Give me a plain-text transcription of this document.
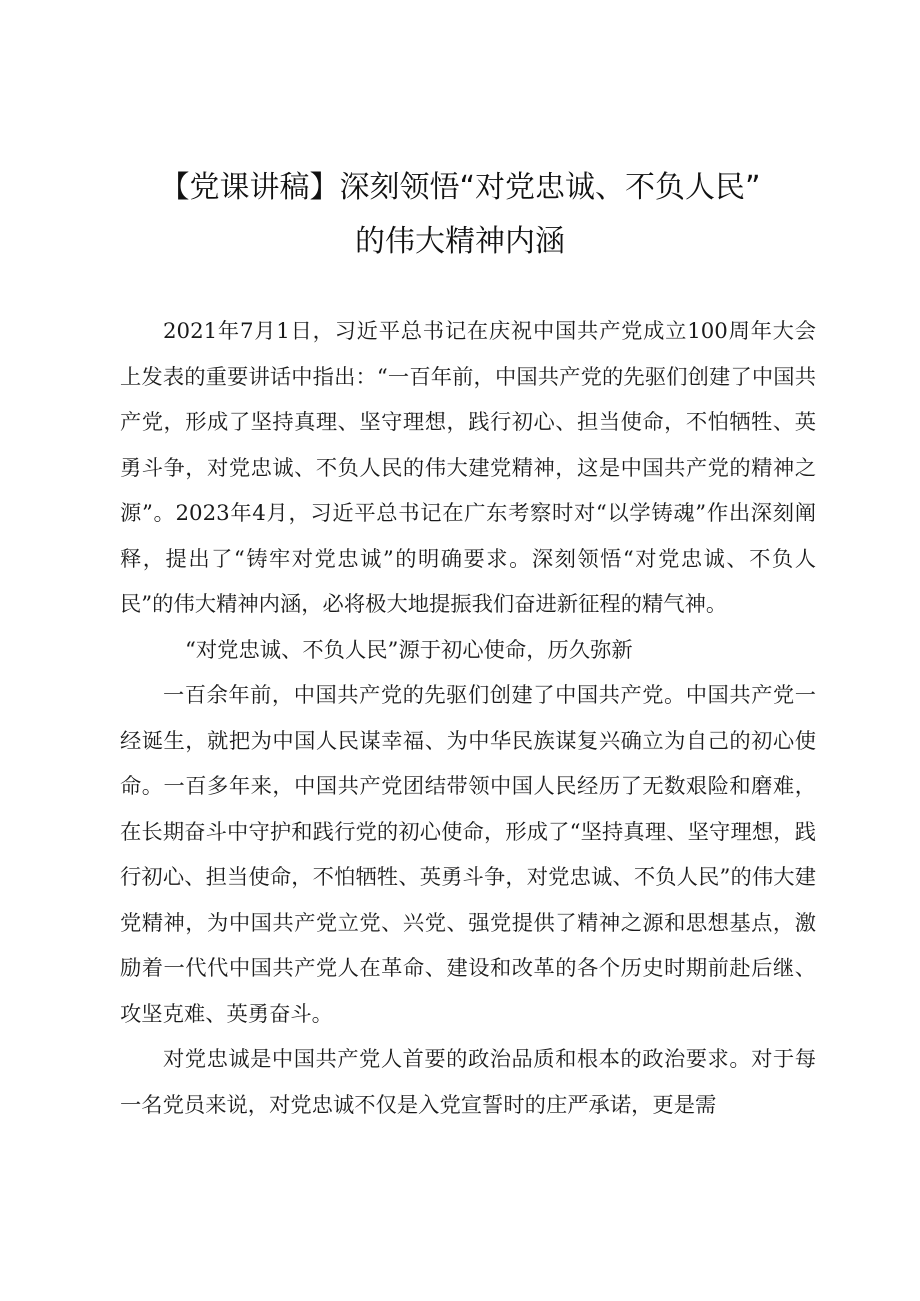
【党课讲稿】深刻领悟“对党忠诚、不负人民”
的伟大精神内涵

2021年7月1日，习近平总书记在庆祝中国共产党成立100周年大会上发表的重要讲话中指出：“一百年前，中国共产党的先驱们创建了中国共产党，形成了坚持真理、坚守理想，践行初心、担当使命，不怕牺牲、英勇斗争，对党忠诚、不负人民的伟大建党精神，这是中国共产党的精神之源”。2023年4月，习近平总书记在广东考察时对“以学铸魂”作出深刻阐释，提出了“铸牢对党忠诚”的明确要求。深刻领悟“对党忠诚、不负人民”的伟大精神内涵，必将极大地提振我们奋进新征程的精气神。

“对党忠诚、不负人民”源于初心使命，历久弥新

一百余年前，中国共产党的先驱们创建了中国共产党。中国共产党一经诞生，就把为中国人民谋幸福、为中华民族谋复兴确立为自己的初心使命。一百多年来，中国共产党团结带领中国人民经历了无数艰险和磨难，在长期奋斗中守护和践行党的初心使命，形成了“坚持真理、坚守理想，践行初心、担当使命，不怕牺牲、英勇斗争，对党忠诚、不负人民”的伟大建党精神，为中国共产党立党、兴党、强党提供了精神之源和思想基点，激励着一代代中国共产党人在革命、建设和改革的各个历史时期前赴后继、攻坚克难、英勇奋斗。

对党忠诚是中国共产党人首要的政治品质和根本的政治要求。对于每一名党员来说，对党忠诚不仅是入党宣誓时的庄严承诺，更是需
